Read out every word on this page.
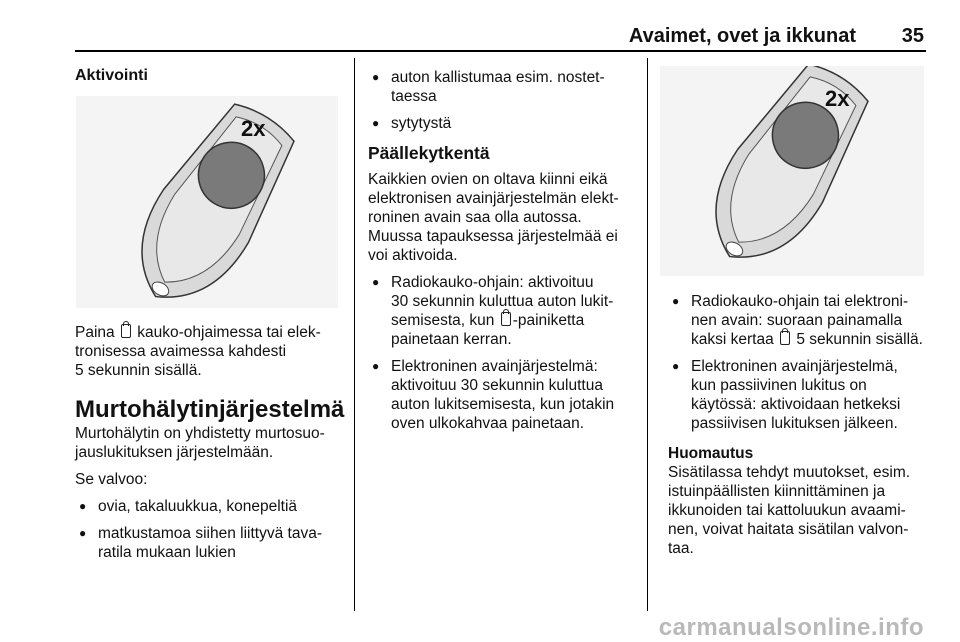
Avaimet, ovet ja ikkunat 35

Aktivointi

2x

Paina  kauko-ohjaimessa tai elek-
tronisessa avaimessa kahdesti
5 sekunnin sisällä.

Murtohälytinjärjestelmä

Murtohälytin on yhdistetty murtosuo-
jauslukituksen järjestelmään.

Se valvoo:

● ovia, takaluukkua, konepeltiä

● matkustamoa siihen liittyvä tava-
ratila mukaan lukien

● auton kallistumaa esim. nostet-
taessa

● sytytystä

Päällekytkentä

Kaikkien ovien on oltava kiinni eikä
elektronisen avainjärjestelmän elekt-
roninen avain saa olla autossa.
Muussa tapauksessa järjestelmää ei
voi aktivoida.

● Radiokauko-ohjain: aktivoituu
30 sekunnin kuluttua auton lukit-
semisesta, kun -painiketta
painetaan kerran.

● Elektroninen avainjärjestelmä:
aktivoituu 30 sekunnin kuluttua
auton lukitsemisesta, kun jotakin
oven ulkokahvaa painetaan.

2x

● Radiokauko-ohjain tai elektroni-
nen avain: suoraan painamalla
kaksi kertaa  5 sekunnin sisällä.

● Elektroninen avainjärjestelmä,
kun passiivinen lukitus on
käytössä: aktivoidaan hetkeksi
passiivisen lukituksen jälkeen.

Huomautus

Sisätilassa tehdyt muutokset, esim.
istuinpäällisten kiinnittäminen ja
ikkunoiden tai kattoluukun avaami-
nen, voivat haitata sisätilan valvon-
taa.

carmanualsonline.info
